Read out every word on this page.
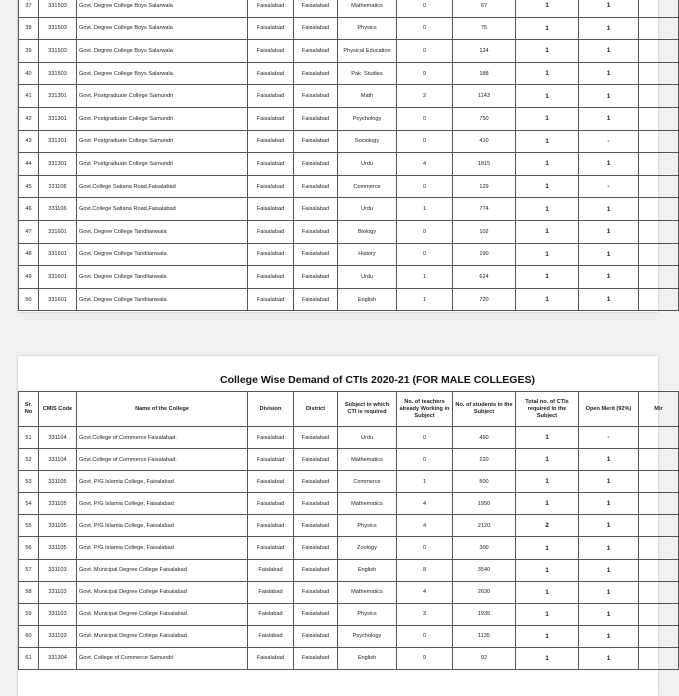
37	331503	Govt. Degree College Boys Salarwala	Faisalabad	Faisalabad	Mathematics	0	67	1	1	
38	331503	Govt. Degree College Boys Salarwala	Faisalabad	Faisalabad	Physics	0	75	1	1	
39	331503	Govt. Degree College Boys Salarwala	Faisalabad	Faisalabad	Physical Education	0	124	1	1	
40	331503	Govt. Degree College Boys Salarwala	Faisalabad	Faisalabad	Pak. Studies	0	188	1	1	
41	331301	Govt. Postgraduate College Samundri	Faisalabad	Faisalabad	Math	2	1143	1	1	
42	331301	Govt. Postgraduate College Samundri	Faisalabad	Faisalabad	Psychology	0	750	1	1	
43	331301	Govt. Postgraduate College Samundri	Faisalabad	Faisalabad	Sociology	0	410	1	-	
44	331301	Govt. Postgraduate College Samundri	Faisalabad	Faisalabad	Urdu	4	1815	1	1	
45	331106	Govt.College Satiana Road,Faisalabad	Faisalabad	Faisalabad	Commerce	0	129	1	-	
46	331106	Govt.College Satiana Road,Faisalabad	Faisalabad	Faisalabad	Urdu	1	774	1	1	
47	331601	Govt. Degree College Tandlianwala	Faisalabad	Faisalabad	Biology	0	102	1	1	
48	331601	Govt. Degree College Tandlianwala	Faisalabad	Faisalabad	History	0	190	1	1	
49	331601	Govt. Degree College Tandlianwala	Faisalabad	Faisalabad	Urdu	1	624	1	1	
50	331601	Govt. Degree College Tandlianwala	Faisalabad	Faisalabad	English	1	720	1	1	
College Wise Demand of CTIs 2020-21 (FOR MALE COLLEGES)
Sr. No	CMIS Code	Name of the College	Division	District	Subject in which CTI is required	No. of teachers already Working in Subject	No. of students in the Subject	Total no. of CTIs required in the Subject	Open Merit (92%)	Mir
51	331104	Govt.College of Commerce Faisalabad.	Faisalabad	Faisalabad	Urdu	0	450	1	-	
52	331104	Govt.College of Commerce Faisalabad.	Faisalabad	Faisalabad	Mathematics	0	220	1	1	
53	331105	Govt. P/G Islamia College, Faisalabad	Faisalabad	Faisalabad	Commerce	1	500	1	1	
54	331105	Govt. P/G Islamia College, Faisalabad	Faisalabad	Faisalabad	Mathematics	4	1950	1	1	
55	331105	Govt. P/G Islamia College, Faisalabad	Faisalabad	Faisalabad	Physics	4	2120	2	1	
56	331105	Govt. P/G Islamia College, Faisalabad	Faisalabad	Faisalabad	Zoology	0	300	1	1	
57	331103	Govt. Municipal Degree College Faisalabad	Faislabad	Faisalabad	English	8	3540	1	1	
58	331103	Govt. Municipal Degree College Faisalabad	Faislabad	Faisalabad	Mathematics	4	2630	1	1	
59	331103	Govt. Municipal Degree College Faisalabad	Faislabad	Faisalabad	Physics	3	1935	1	1	
60	331103	Govt. Municipal Degree College Faisalabad	Faislabad	Faisalabad	Psychology	0	1135	1	1	
61	331304	Govt. College of Commerce Samundri	Faisalabad	Faisalabad	English	0	92	1	1	
